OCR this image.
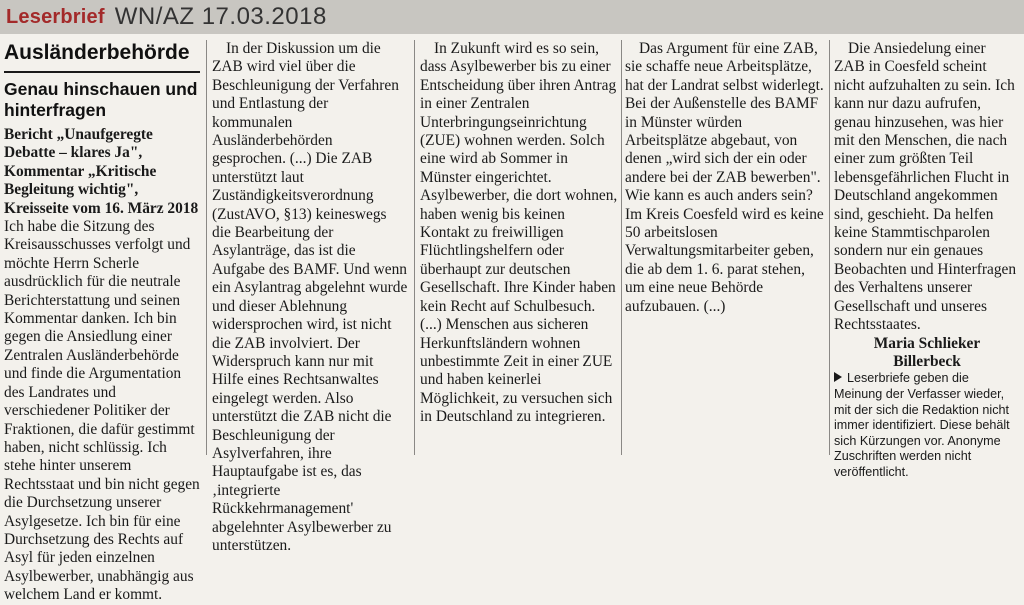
Leserbrief WN/AZ 17.03.2018
Ausländerbehörde
Genau hinschauen und hinterfragen

Bericht „Unaufgeregte Debatte – klares Ja", Kommentar „Kritische Begleitung wichtig", Kreisseite vom 16. März 2018

Ich habe die Sitzung des Kreisausschusses verfolgt und möchte Herrn Scherle ausdrücklich für die neutrale Berichterstattung und seinen Kommentar danken. Ich bin gegen die Ansiedlung einer Zentralen Ausländerbehörde und finde die Argumentation des Landrates und verschiedener Politiker der Fraktionen, die dafür gestimmt haben, nicht schlüssig. Ich stehe hinter unserem Rechtsstaat und bin nicht gegen die Durchsetzung unserer Asylgesetze. Ich bin für eine Durchsetzung des Rechts auf Asyl für jeden einzelnen Asylbewerber, unabhängig aus welchem Land er kommt.

In der Diskussion um die ZAB wird viel über die Beschleunigung der Verfahren und Entlastung der kommunalen Ausländerbehörden gesprochen. (...) Die ZAB unterstützt laut Zuständigkeitsverordnung (ZustAVO, §13) keineswegs die Bearbeitung der Asylanträge, das ist die Aufgabe des BAMF. Und wenn ein Asylantrag abgelehnt wurde und dieser Ablehnung widersprochen wird, ist nicht die ZAB involviert. Der Widerspruch kann nur mit Hilfe eines Rechtsanwaltes eingelegt werden. Also unterstützt die ZAB nicht die Beschleunigung der Asylverfahren, ihre Hauptaufgabe ist es, das ‚integrierte Rückkehrmanagement' abgelehnter Asylbewerber zu unterstützen.

In Zukunft wird es so sein, dass Asylbewerber bis zu einer Entscheidung über ihren Antrag in einer Zentralen Unterbringungseinrichtung (ZUE) wohnen werden. Solch eine wird ab Sommer in Münster eingerichtet. Asylbewerber, die dort wohnen, haben wenig bis keinen Kontakt zu freiwilligen Flüchtlingshelfern oder überhaupt zur deutschen Gesellschaft. Ihre Kinder haben kein Recht auf Schulbesuch. (...) Menschen aus sicheren Herkunftsländern wohnen unbestimmte Zeit in einer ZUE und haben keinerlei Möglichkeit, zu versuchen sich in Deutschland zu integrieren.

Das Argument für eine ZAB, sie schaffe neue Arbeitsplätze, hat der Landrat selbst widerlegt. Bei der Außenstelle des BAMF in Münster würden Arbeitsplätze abgebaut, von denen „wird sich der ein oder andere bei der ZAB bewerben". Wie kann es auch anders sein? Im Kreis Coesfeld wird es keine 50 arbeitslosen Verwaltungsmitarbeiter geben, die ab dem 1. 6. parat stehen, um eine neue Behörde aufzubauen. (...)

Die Ansiedelung einer ZAB in Coesfeld scheint nicht aufzuhalten zu sein. Ich kann nur dazu aufrufen, genau hinzusehen, was hier mit den Menschen, die nach einer zum größten Teil lebensgefährlichen Flucht in Deutschland angekommen sind, geschieht. Da helfen keine Stammtischparolen sondern nur ein genaues Beobachten und Hinterfragen des Verhaltens unserer Gesellschaft und unseres Rechtsstaates.

Maria Schlieker

Billerbeck

Leserbriefe geben die Meinung der Verfasser wieder, mit der sich die Redaktion nicht immer identifiziert. Diese behält sich Kürzungen vor. Anonyme Zuschriften werden nicht veröffentlicht.
